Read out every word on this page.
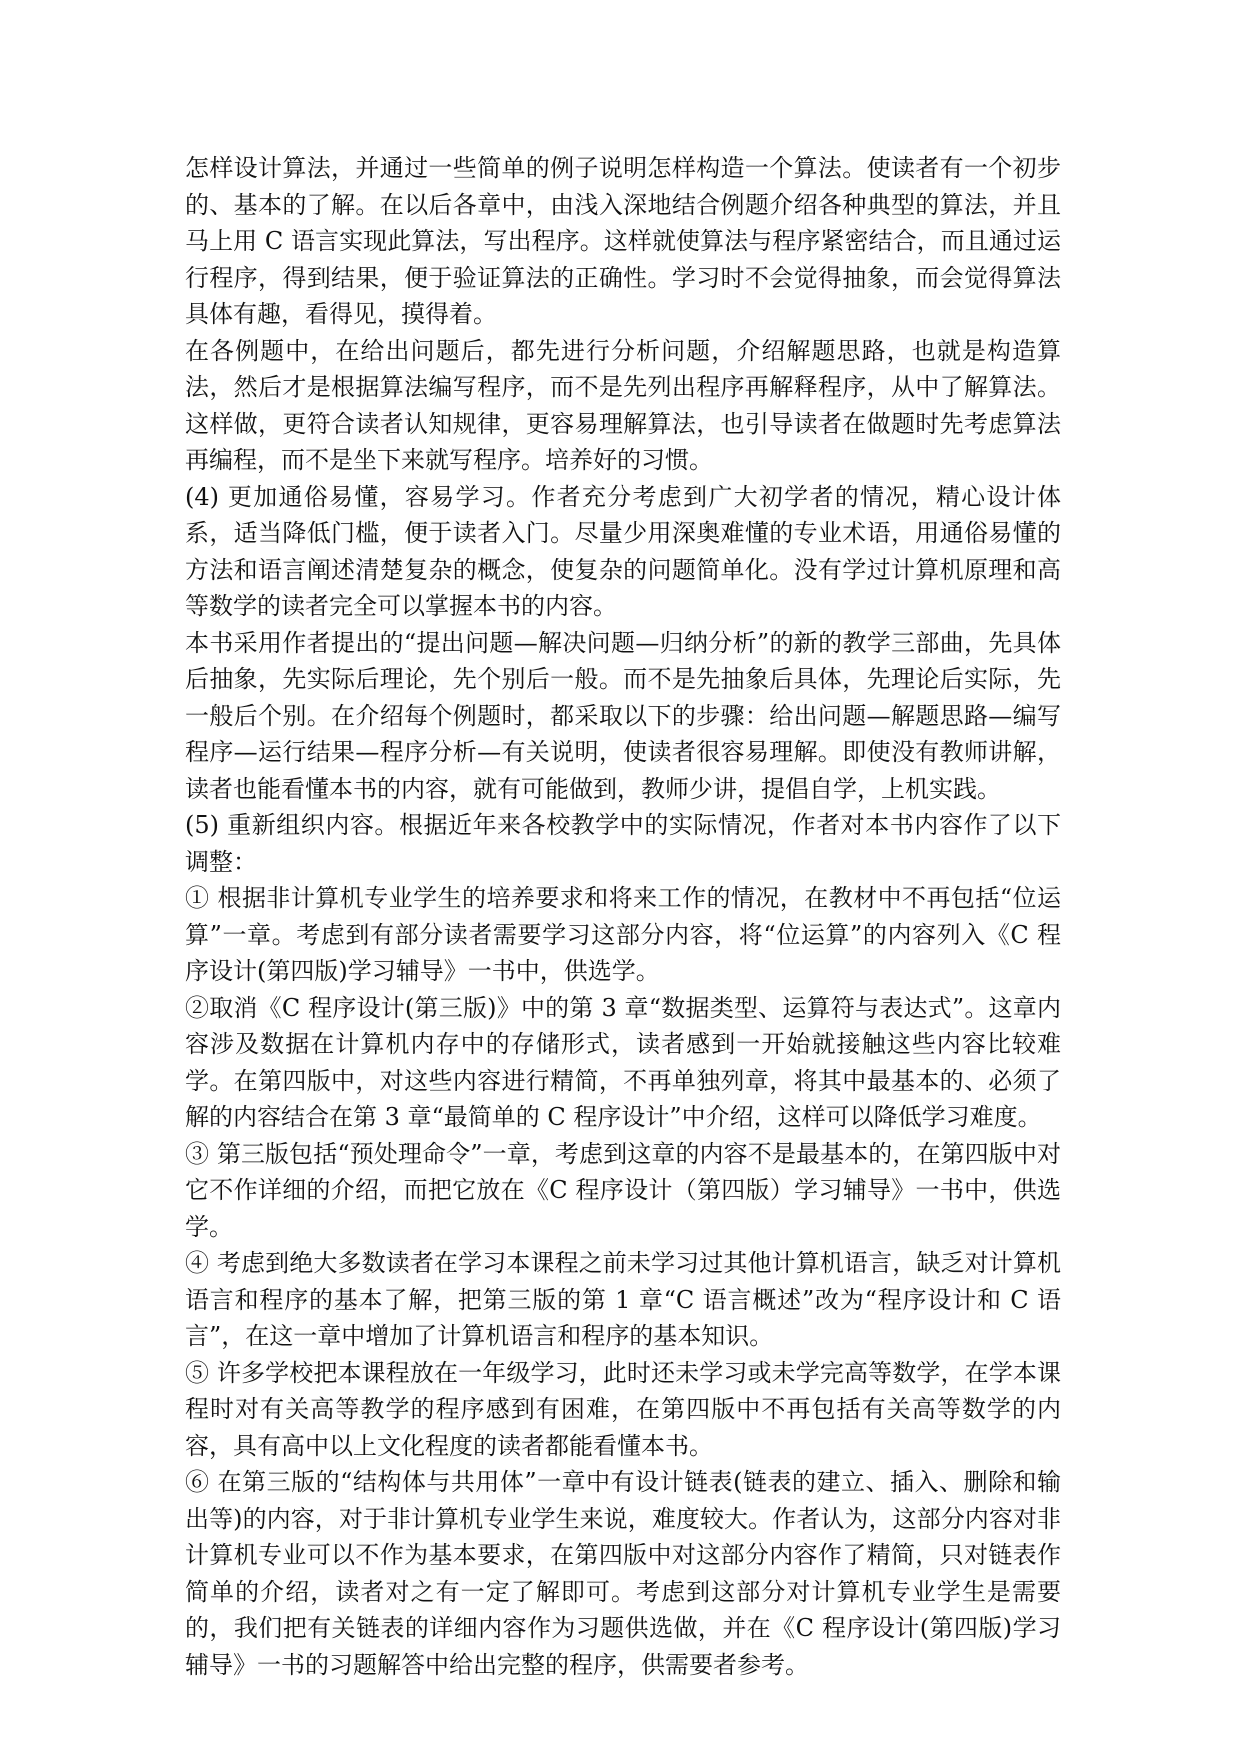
怎样设计算法，并通过一些简单的例子说明怎样构造一个算法。使读者有一个初步的、基本的了解。在以后各章中，由浅入深地结合例题介绍各种典型的算法，并且马上用 C 语言实现此算法，写出程序。这样就使算法与程序紧密结合，而且通过运行程序，得到结果，便于验证算法的正确性。学习时不会觉得抽象，而会觉得算法具体有趣，看得见，摸得着。

在各例题中，在给出问题后，都先进行分析问题，介绍解题思路，也就是构造算法，然后才是根据算法编写程序，而不是先列出程序再解释程序，从中了解算法。这样做，更符合读者认知规律，更容易理解算法，也引导读者在做题时先考虑算法再编程，而不是坐下来就写程序。培养好的习惯。

(4) 更加通俗易懂，容易学习。作者充分考虑到广大初学者的情况，精心设计体系，适当降低门槛，便于读者入门。尽量少用深奥难懂的专业术语，用通俗易懂的方法和语言阐述清楚复杂的概念，使复杂的问题简单化。没有学过计算机原理和高等数学的读者完全可以掌握本书的内容。

本书采用作者提出的“提出问题—解决问题—归纳分析”的新的教学三部曲，先具体后抽象，先实际后理论，先个别后一般。而不是先抽象后具体，先理论后实际，先一般后个别。在介绍每个例题时，都采取以下的步骤：给出问题—解题思路—编写程序—运行结果—程序分析—有关说明，使读者很容易理解。即使没有教师讲解，读者也能看懂本书的内容，就有可能做到，教师少讲，提倡自学，上机实践。

(5) 重新组织内容。根据近年来各校教学中的实际情况，作者对本书内容作了以下调整：

① 根据非计算机专业学生的培养要求和将来工作的情况，在教材中不再包括“位运算”一章。考虑到有部分读者需要学习这部分内容，将“位运算”的内容列入《C 程序设计(第四版)学习辅导》一书中，供选学。

②取消《C 程序设计(第三版)》中的第 3 章“数据类型、运算符与表达式”。这章内容涉及数据在计算机内存中的存储形式，读者感到一开始就接触这些内容比较难学。在第四版中，对这些内容进行精简，不再单独列章，将其中最基本的、必须了解的内容结合在第 3 章“最简单的 C 程序设计”中介绍，这样可以降低学习难度。

③ 第三版包括“预处理命令”一章，考虑到这章的内容不是最基本的，在第四版中对它不作详细的介绍，而把它放在《C 程序设计（第四版）学习辅导》一书中，供选学。

④ 考虑到绝大多数读者在学习本课程之前未学习过其他计算机语言，缺乏对计算机语言和程序的基本了解，把第三版的第 1 章“C 语言概述”改为“程序设计和 C 语言”，在这一章中增加了计算机语言和程序的基本知识。

⑤ 许多学校把本课程放在一年级学习，此时还未学习或未学完高等数学，在学本课程时对有关高等教学的程序感到有困难，在第四版中不再包括有关高等数学的内容，具有高中以上文化程度的读者都能看懂本书。

⑥ 在第三版的“结构体与共用体”一章中有设计链表(链表的建立、插入、删除和输出等)的内容，对于非计算机专业学生来说，难度较大。作者认为，这部分内容对非计算机专业可以不作为基本要求，在第四版中对这部分内容作了精简，只对链表作简单的介绍，读者对之有一定了解即可。考虑到这部分对计算机专业学生是需要的，我们把有关链表的详细内容作为习题供选做，并在《C 程序设计(第四版)学习辅导》一书的习题解答中给出完整的程序，供需要者参考。
